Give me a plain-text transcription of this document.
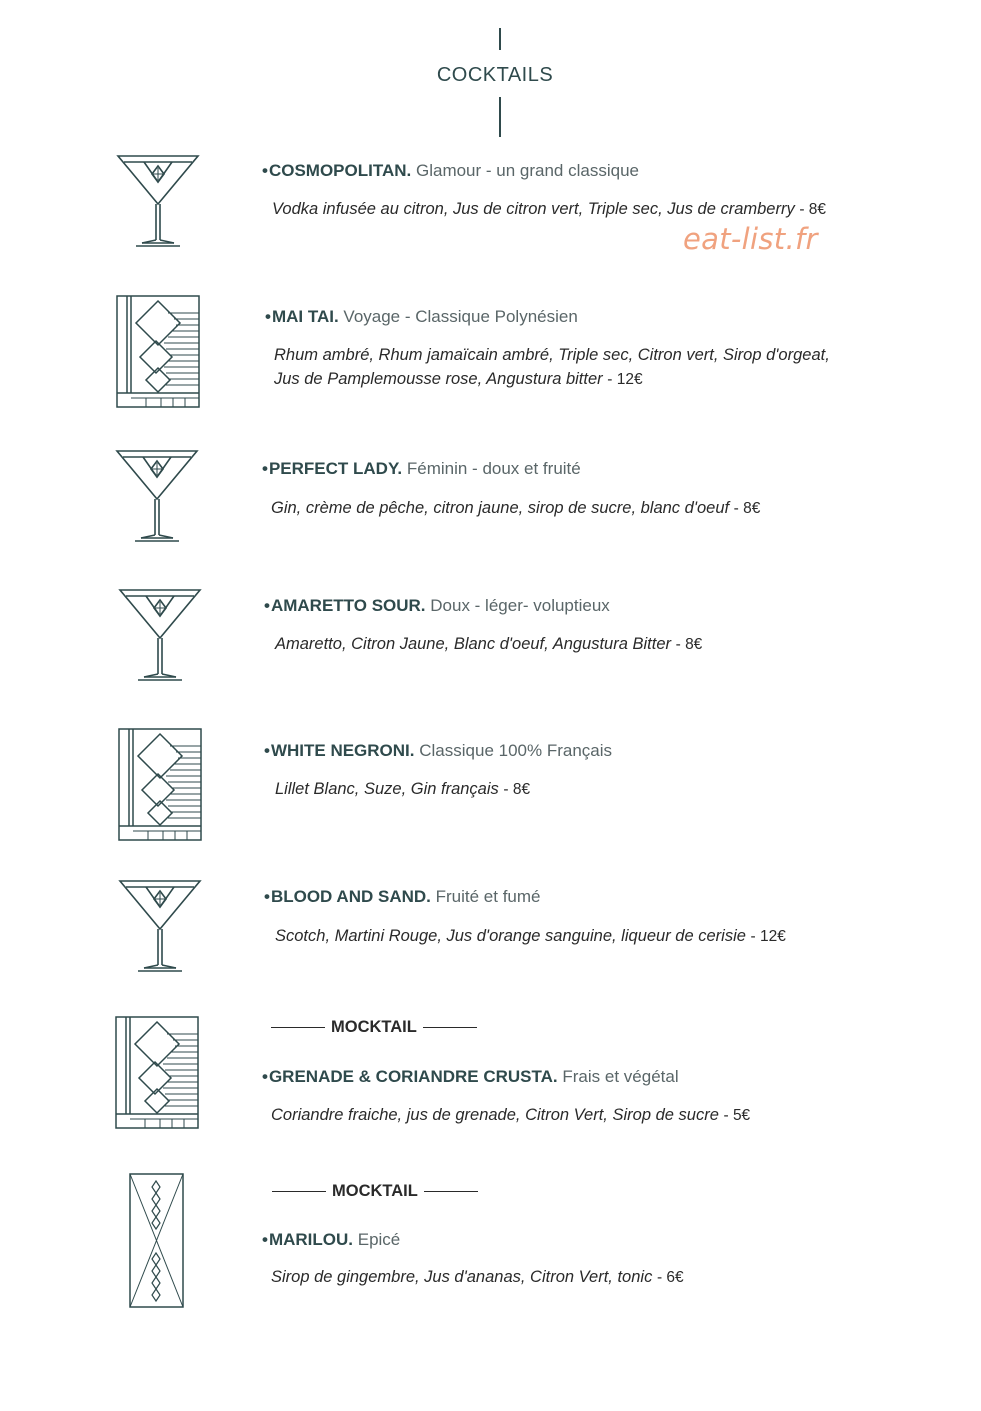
COCKTAILS
eat-list.fr
•COSMOPOLITAN. Glamour - un grand classique
Vodka infusée au citron, Jus de citron vert, Triple sec, Jus de cramberry - 8€
•MAI TAI. Voyage - Classique Polynésien
Rhum ambré, Rhum jamaïcain ambré, Triple sec, Citron vert, Sirop d'orgeat, Jus de Pamplemousse rose, Angustura bitter - 12€
•PERFECT LADY. Féminin - doux et fruité
Gin, crème de pêche, citron jaune, sirop de sucre, blanc d'oeuf - 8€
•AMARETTO SOUR. Doux - léger- voluptieux
Amaretto, Citron Jaune, Blanc d'oeuf, Angustura Bitter - 8€
•WHITE NEGRONI. Classique 100% Français
Lillet Blanc, Suze, Gin français - 8€
•BLOOD AND SAND. Fruité et fumé
Scotch, Martini Rouge, Jus d'orange sanguine, liqueur de cerisie - 12€
MOCKTAIL
•GRENADE & CORIANDRE CRUSTA. Frais et végétal
Coriandre fraiche, jus de grenade, Citron Vert, Sirop de sucre - 5€
MOCKTAIL
•MARILOU. Epicé
Sirop de gingembre, Jus d'ananas, Citron Vert, tonic - 6€
